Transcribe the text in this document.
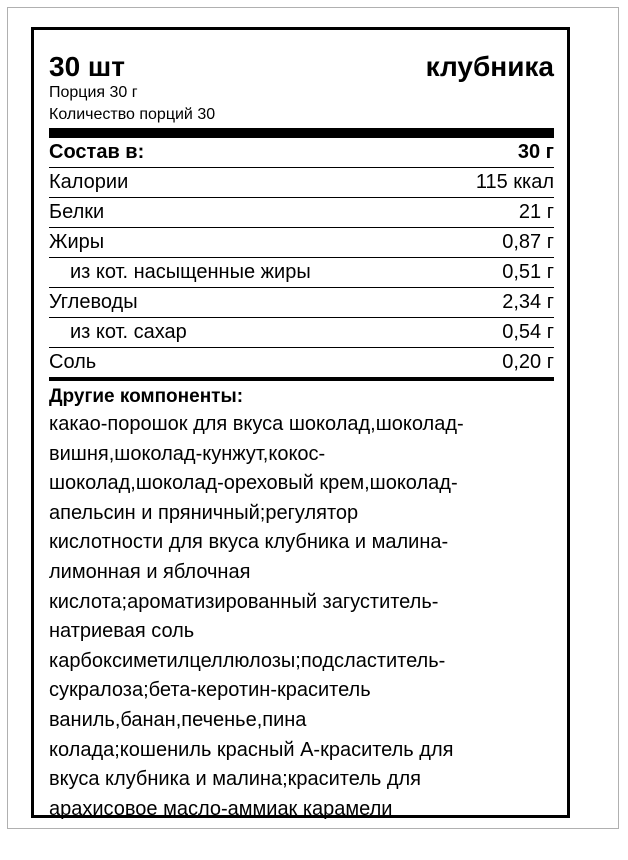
30 шт	клубника
Порция 30 г
Количество порций 30
Состав в:	30 г
Калории	115 ккал
Белки	21 г
Жиры	0,87 г
из кот. насыщенные жиры	0,51 г
Углеводы	2,34 г
из кот. сахар	0,54 г
Соль	0,20 г
Другие компоненты:
какао-порошок для вкуса шоколад,шоколад-
вишня,шоколад-кунжут,кокос-
шоколад,шоколад-ореховый крем,шоколад-
апельсин и пряничный;регулятор
кислотности для вкуса клубника и малина-
лимонная и яблочная
кислота;ароматизированный загуститель-
натриевая соль
карбоксиметилцеллюлозы;подсластитель-
сукралоза;бета-керотин-краситель
ваниль,банан,печенье,пина
колада;кошениль красный А-краситель для
вкуса клубника и малина;краситель для
арахисовое масло-аммиак карамели
